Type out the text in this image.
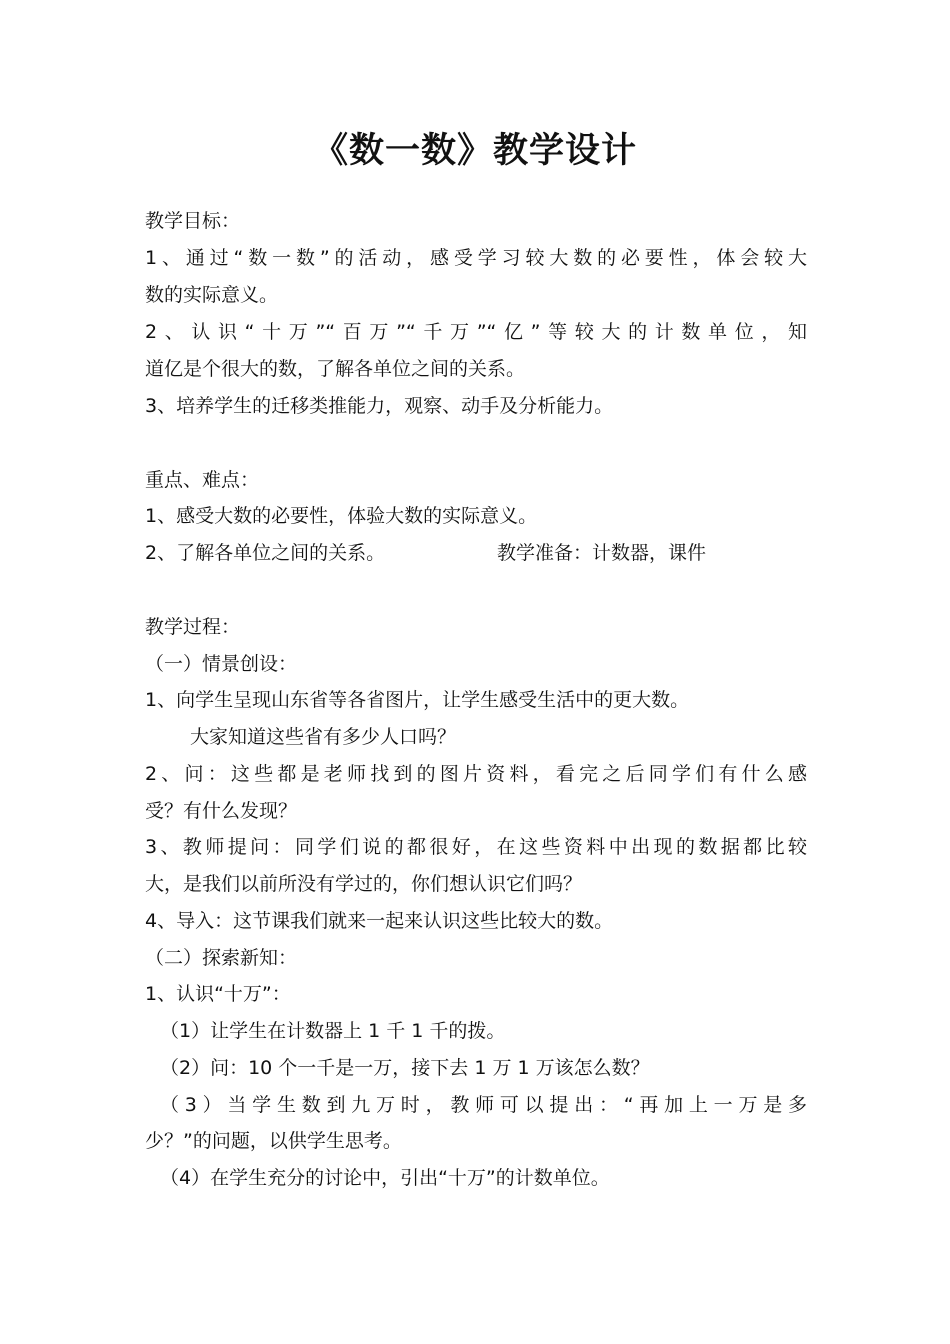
《数一数》教学设计
教学目标：
1、通过“数一数”的活动，感受学习较大数的必要性，体会较大
数的实际意义。
2、认识“十万”“百万”“千万”“亿”等较大的计数单位，知
道亿是个很大的数，了解各单位之间的关系。
3、培养学生的迁移类推能力，观察、动手及分析能力。
重点、难点：
1、感受大数的必要性，体验大数的实际意义。
2、了解各单位之间的关系。	教学准备：计数器，课件
教学过程：
（一）情景创设：
1、向学生呈现山东省等各省图片，让学生感受生活中的更大数。
大家知道这些省有多少人口吗？
2、问：这些都是老师找到的图片资料，看完之后同学们有什么感
受？有什么发现？
3、教师提问：同学们说的都很好，在这些资料中出现的数据都比较
大，是我们以前所没有学过的，你们想认识它们吗？
4、导入：这节课我们就来一起来认识这些比较大的数。
（二）探索新知：
1、认识“十万”：
（1）让学生在计数器上 1 千 1 千的拨。
（2）问：10 个一千是一万，接下去 1 万 1 万该怎么数？
（3）当学生数到九万时，教师可以提出：“再加上一万是多
少？”的问题，以供学生思考。
（4）在学生充分的讨论中，引出“十万”的计数单位。
